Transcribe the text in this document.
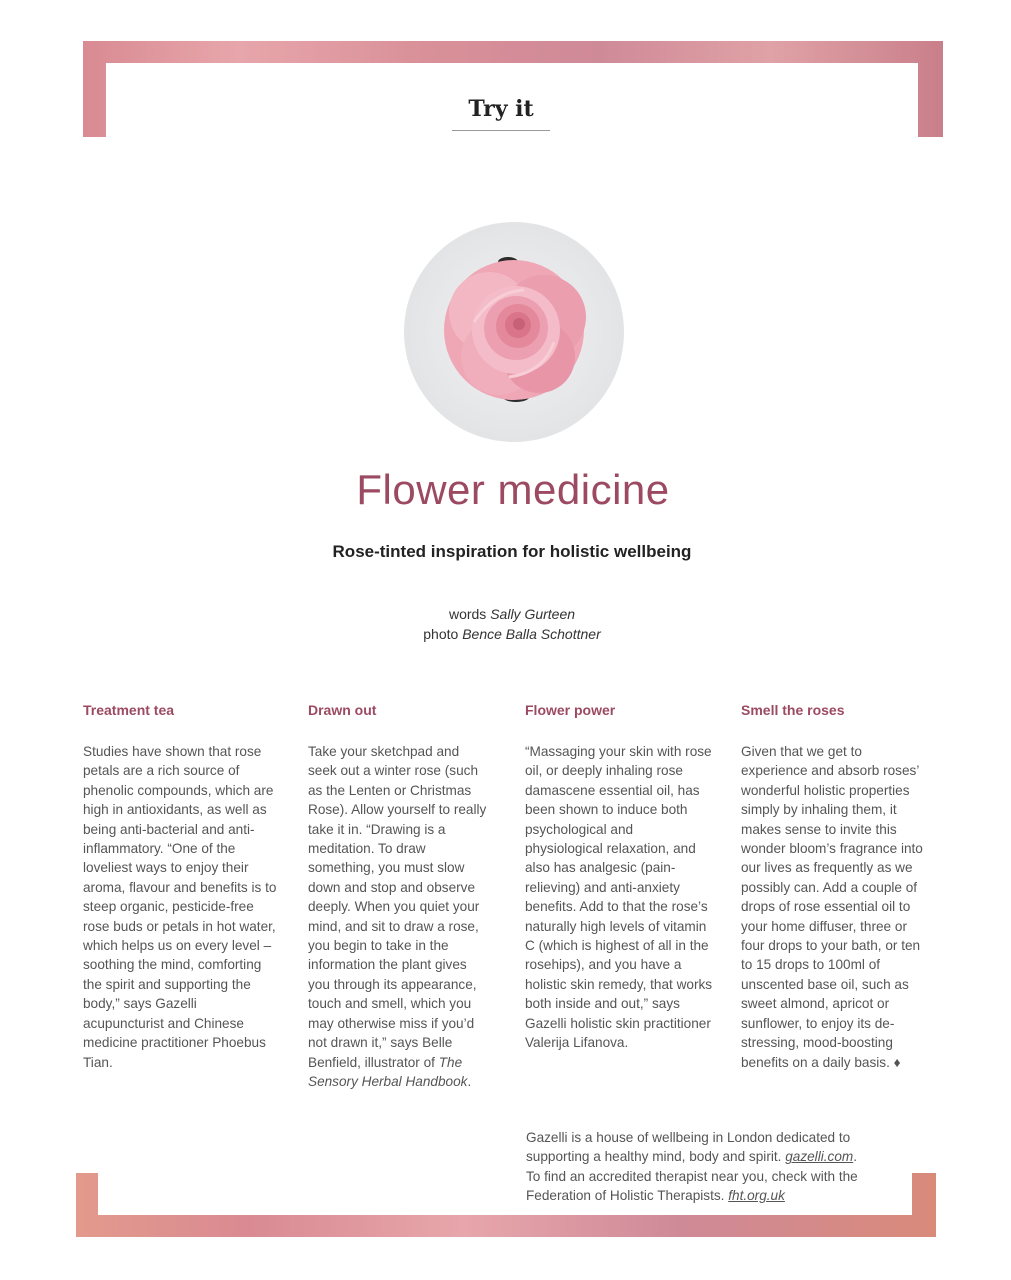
Try it
Flower medicine
Rose-tinted inspiration for holistic wellbeing
words Sally Gurteen
photo Bence Balla Schottner
Treatment tea

Studies have shown that rose petals are a rich source of phenolic compounds, which are high in antioxidants, as well as being anti-bacterial and anti-inflammatory. “One of the loveliest ways to enjoy their aroma, flavour and benefits is to steep organic, pesticide-free rose buds or petals in hot water, which helps us on every level – soothing the mind, comforting the spirit and supporting the body,” says Gazelli acupuncturist and Chinese medicine practitioner Phoebus Tian.

Drawn out

Take your sketchpad and seek out a winter rose (such as the Lenten or Christmas Rose). Allow yourself to really take it in. “Drawing is a meditation. To draw something, you must slow down and stop and observe deeply. When you quiet your mind, and sit to draw a rose, you begin to take in the information the plant gives you through its appearance, touch and smell, which you may otherwise miss if you’d not drawn it,” says Belle Benfield, illustrator of The Sensory Herbal Handbook.

Flower power

“Massaging your skin with rose oil, or deeply inhaling rose damascene essential oil, has been shown to induce both psychological and physiological relaxation, and also has analgesic (pain-relieving) and anti-anxiety benefits. Add to that the rose’s naturally high levels of vitamin C (which is highest of all in the rosehips), and you have a holistic skin remedy, that works both inside and out,” says Gazelli holistic skin practitioner Valerija Lifanova.

Smell the roses

Given that we get to experience and absorb roses’ wonderful holistic properties simply by inhaling them, it makes sense to invite this wonder bloom’s fragrance into our lives as frequently as we possibly can. Add a couple of drops of rose essential oil to your home diffuser, three or four drops to your bath, or ten to 15 drops to 100ml of unscented base oil, such as sweet almond, apricot or sunflower, to enjoy its de-stressing, mood-boosting benefits on a daily basis. ♦

Gazelli is a house of wellbeing in London dedicated to supporting a healthy mind, body and spirit. gazelli.com.
To find an accredited therapist near you, check with the Federation of Holistic Therapists. fht.org.uk
